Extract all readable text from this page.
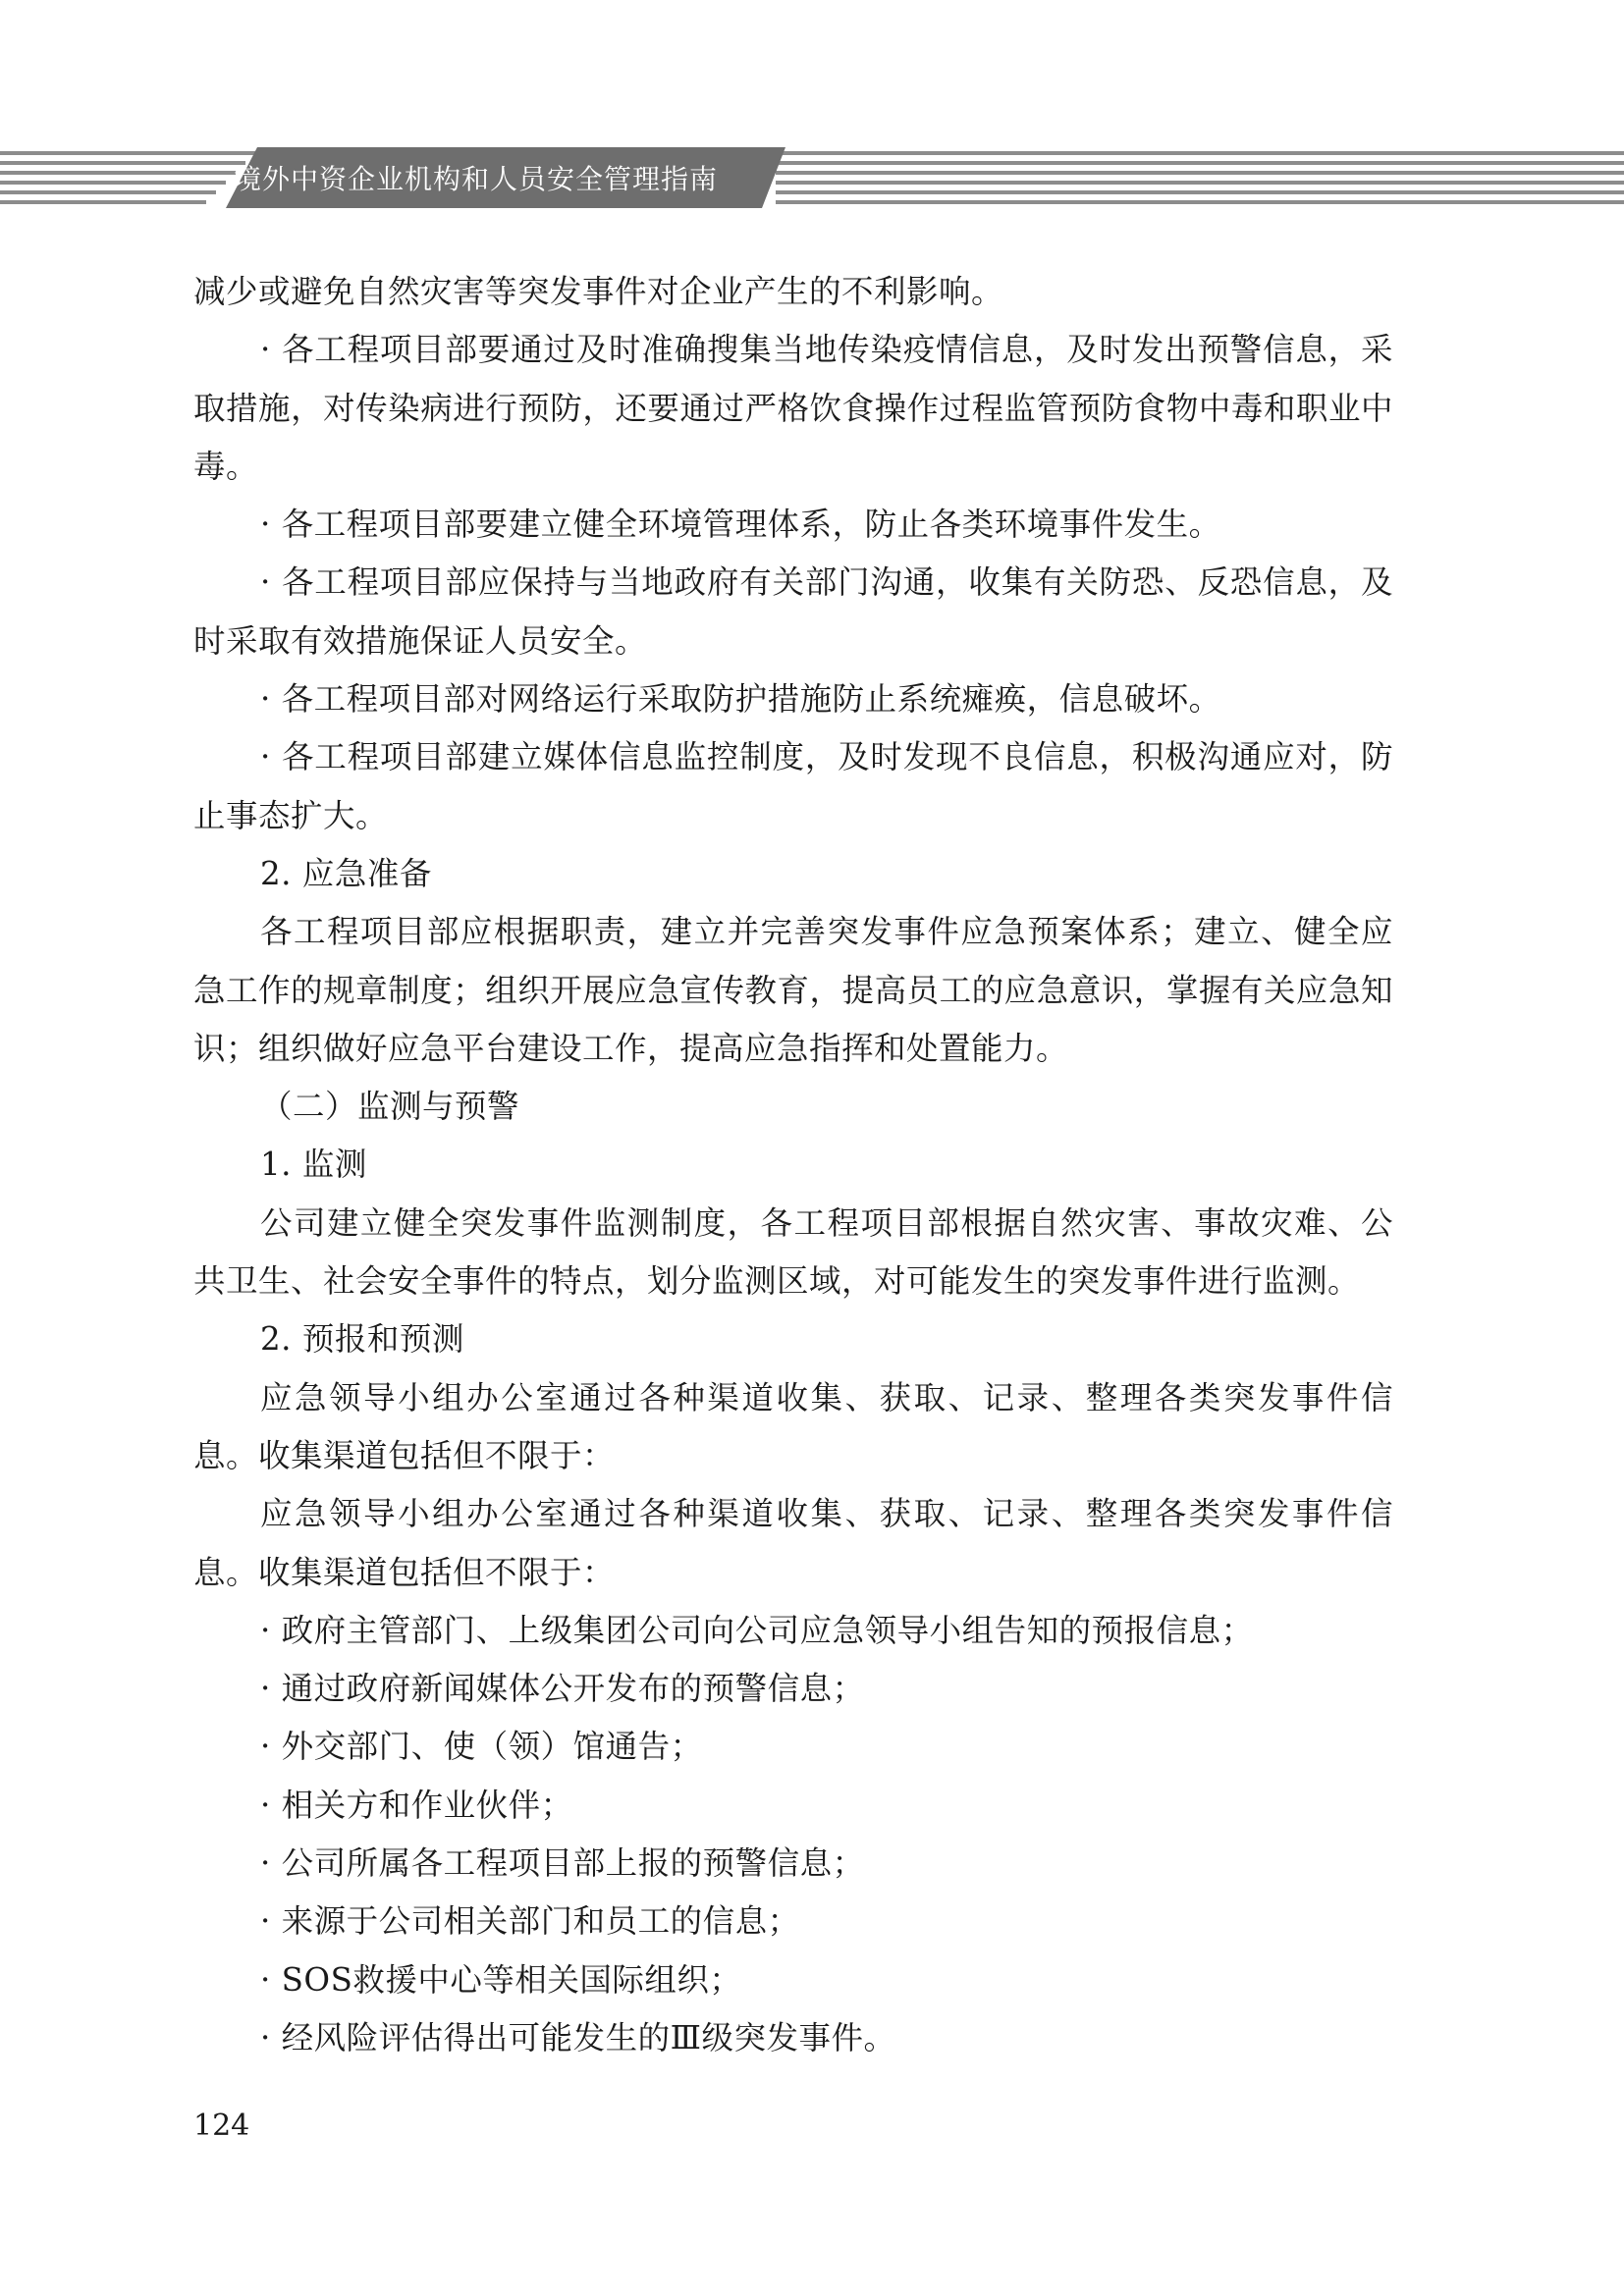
境外中资企业机构和人员安全管理指南

减少或避免自然灾害等突发事件对企业产生的不利影响。

· 各工程项目部要通过及时准确搜集当地传染疫情信息，及时发出预警信息，采取措施，对传染病进行预防，还要通过严格饮食操作过程监管预防食物中毒和职业中毒。

· 各工程项目部要建立健全环境管理体系，防止各类环境事件发生。

· 各工程项目部应保持与当地政府有关部门沟通，收集有关防恐、反恐信息，及时采取有效措施保证人员安全。

· 各工程项目部对网络运行采取防护措施防止系统瘫痪，信息破坏。

· 各工程项目部建立媒体信息监控制度，及时发现不良信息，积极沟通应对，防止事态扩大。

2. 应急准备

各工程项目部应根据职责，建立并完善突发事件应急预案体系；建立、健全应急工作的规章制度；组织开展应急宣传教育，提高员工的应急意识，掌握有关应急知识；组织做好应急平台建设工作，提高应急指挥和处置能力。

（二）监测与预警

1. 监测

公司建立健全突发事件监测制度，各工程项目部根据自然灾害、事故灾难、公共卫生、社会安全事件的特点，划分监测区域，对可能发生的突发事件进行监测。

2. 预报和预测

应急领导小组办公室通过各种渠道收集、获取、记录、整理各类突发事件信息。收集渠道包括但不限于：

应急领导小组办公室通过各种渠道收集、获取、记录、整理各类突发事件信息。收集渠道包括但不限于：

· 政府主管部门、上级集团公司向公司应急领导小组告知的预报信息；

· 通过政府新闻媒体公开发布的预警信息；

· 外交部门、使（领）馆通告；

· 相关方和作业伙伴；

· 公司所属各工程项目部上报的预警信息；

· 来源于公司相关部门和员工的信息；

· SOS救援中心等相关国际组织；

· 经风险评估得出可能发生的Ⅲ级突发事件。

124
